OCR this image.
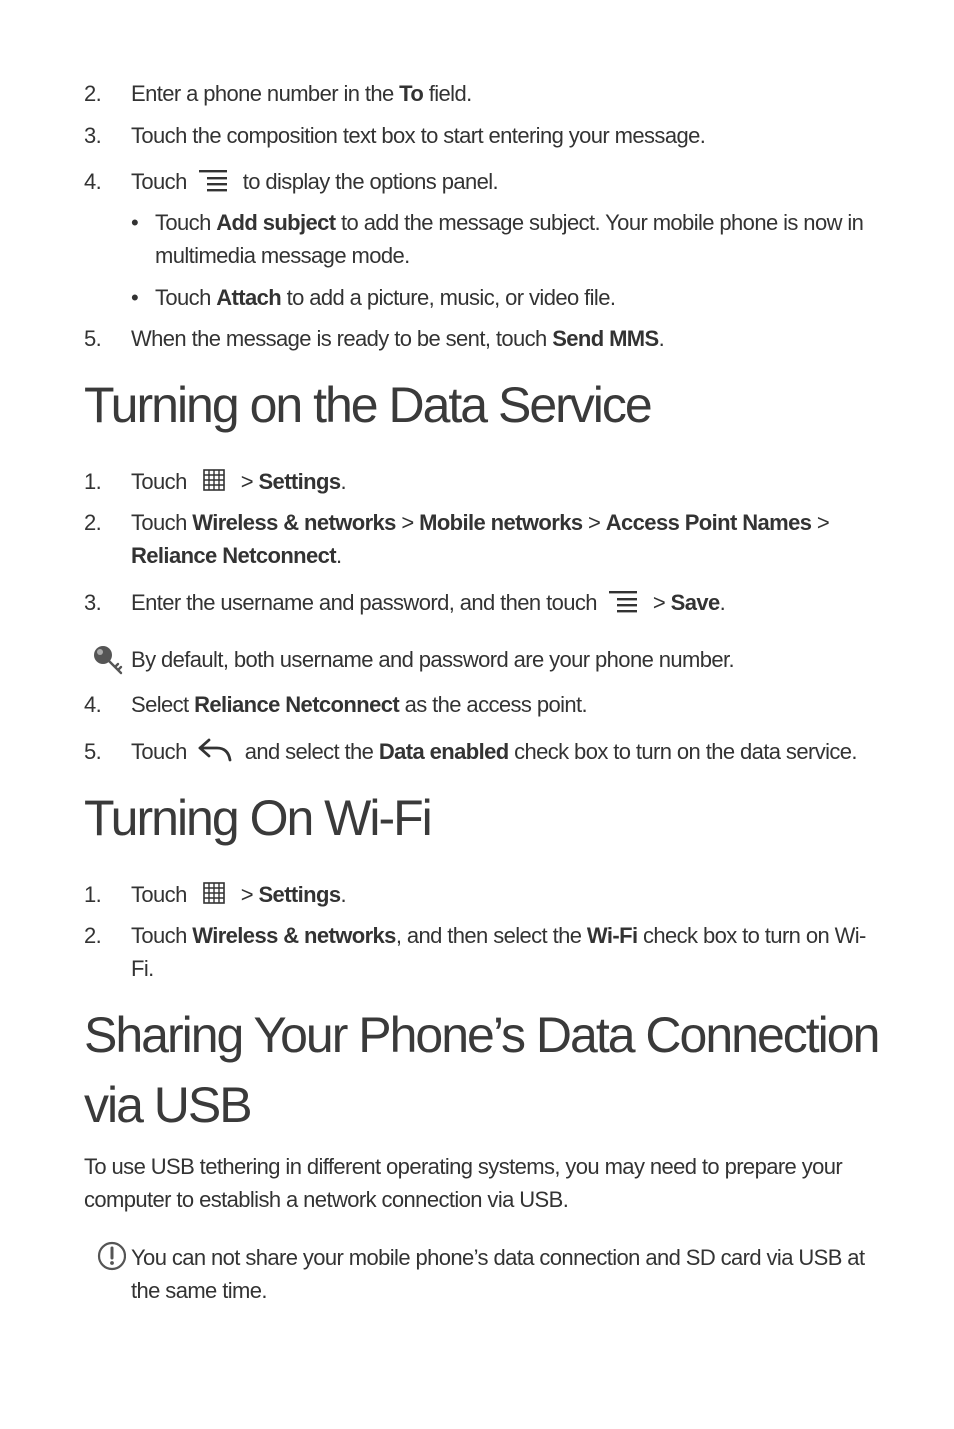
2.	Enter a phone number in the To field.
3.	Touch the composition text box to start entering your message.
4.	Touch	to display the options panel.
• Touch Add subject to add the message subject. Your mobile phone is now in multimedia message mode.
• Touch Attach to add a picture, music, or video file.
5.	When the message is ready to be sent, touch Send MMS.
Turning on the Data Service
1.	Touch > Settings.
2.	Touch Wireless & networks > Mobile networks > Access Point Names > Reliance Netconnect.
3.	Enter the username and password, and then touch	> Save.
By default, both username and password are your phone number.
4.	Select Reliance Netconnect as the access point.
5.	Touch	and select the Data enabled check box to turn on the data service.
Turning On Wi-Fi
1.	Touch > Settings.
2.	Touch Wireless & networks, and then select the Wi-Fi check box to turn on Wi-Fi.
Sharing Your Phone’s Data Connection via USB
To use USB tethering in different operating systems, you may need to prepare your computer to establish a network connection via USB.
You can not share your mobile phone’s data connection and SD card via USB at the same time.
